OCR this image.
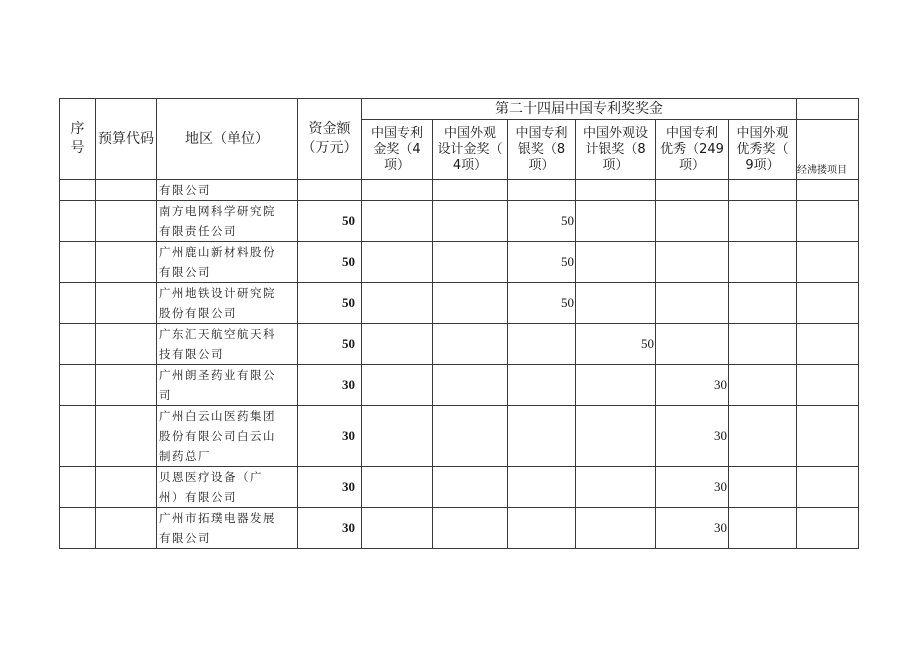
序
号	预算代码	地区（单位）	资金额
（万元）	第二十四届中国专利奖奖金						
				中国专利
金奖（4
项）	中国外观
设计金奖（
4项）	中国专利
银奖（8
项）	中国外观设
计银奖（8
项）	中国专利
优秀（249
项）	中国外观
优秀奖（
9项）	经沸搂项目
		有限公司								
		南方电网科学研究院
有限责任公司	50			50				
		广州鹿山新材料股份
有限公司	50			50				
		广州地铁设计研究院
股份有限公司	50			50				
		广东汇天航空航天科
技有限公司	50				50			
		广州朗圣药业有限公
司	30					30		
		广州白云山医药集团
股份有限公司白云山
制药总厂	30					30		
		贝恩医疗设备（广
州）有限公司	30					30		
		广州市拓璞电器发展
有限公司	30					30		
